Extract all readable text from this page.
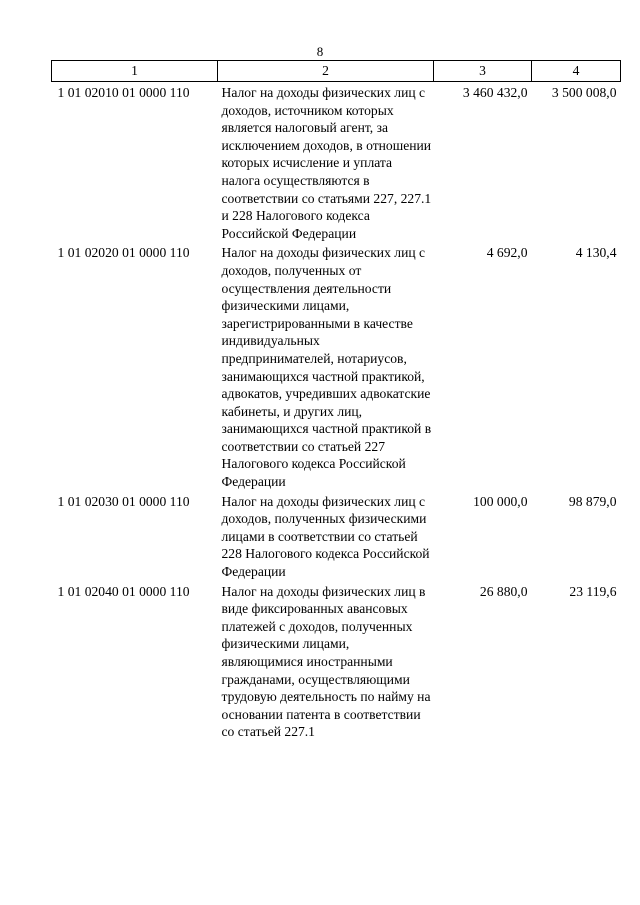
8
1	2	3	4
1 01 02010 01 0000 110	Налог на доходы физических лиц с доходов, источником которых является налоговый агент, за исключением доходов, в отношении которых исчисление и уплата налога осуществляются в соответствии со статьями 227, 227.1 и 228 Налогового кодекса Российской Федерации	3 460 432,0	3 500 008,0
1 01 02020 01 0000 110	Налог на доходы физических лиц с доходов, полученных от осуществления деятельности физическими лицами, зарегистрированными в качестве индивидуальных предпринимателей, нотариусов, занимающихся частной практикой, адвокатов, учредивших адвокатские кабинеты, и других лиц, занимающихся частной практикой в соответствии со статьей 227 Налогового кодекса Российской Федерации	4 692,0	4 130,4
1 01 02030 01 0000 110	Налог на доходы физических лиц с доходов, полученных физическими лицами в соответствии со статьей 228 Налогового кодекса Российской Федерации	100 000,0	98 879,0
1 01 02040 01 0000 110	Налог на доходы физических лиц в виде фиксированных авансовых платежей с доходов, полученных физическими лицами, являющимися иностранными гражданами, осуществляющими трудовую деятельность по найму на основании патента в соответствии со статьей 227.1	26 880,0	23 119,6
